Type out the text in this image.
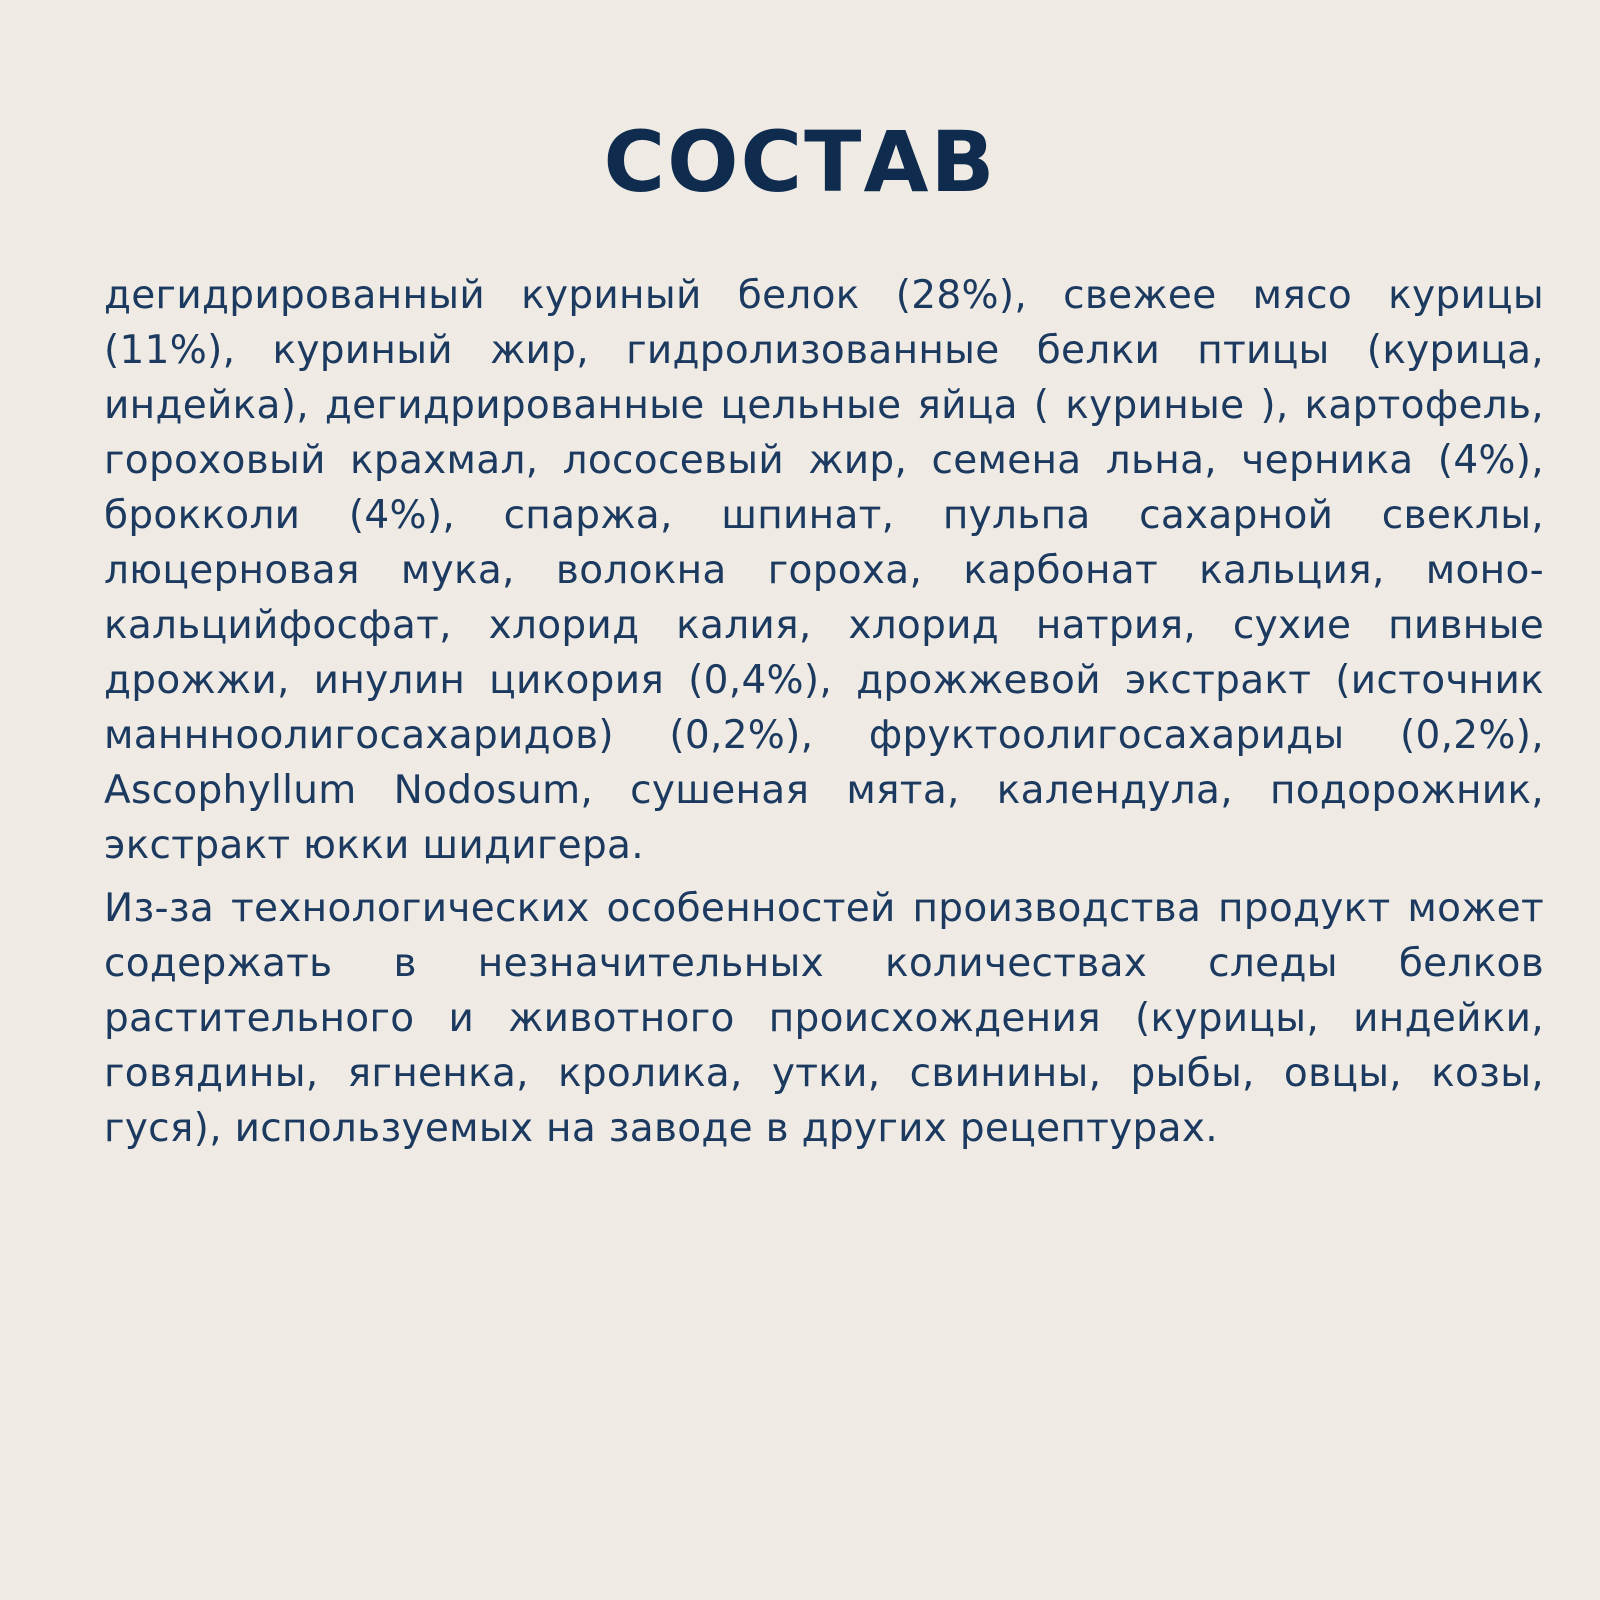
СОСТАВ

дегидрированный куриный белок (28%), свежее мясо курицы (11%), куриный жир, гидролизованные белки птицы (курица, индейка), дегидрированные цельные яйца ( куриные ), картофель, гороховый крахмал, лососевый жир, семена льна, черника (4%), брокколи (4%), спаржа, шпинат, пульпа сахарной свеклы, люцерновая мука, волокна гороха, карбонат кальция, моно-кальцийфосфат, хлорид калия, хлорид натрия, сухие пивные дрожжи, инулин цикория (0,4%), дрожжевой экстракт (источник маннноолигосахаридов) (0,2%), фруктоолигосахариды (0,2%), Ascophyllum Nodosum, сушеная мята, календула, подорожник, экстракт юкки шидигера.

Из-за технологических особенностей производства продукт может содержать в незначительных количествах следы белков растительного и животного происхождения (курицы, индейки, говядины, ягненка, кролика, утки, свинины, рыбы, овцы, козы, гуся), используемых на заводе в других рецептурах.
